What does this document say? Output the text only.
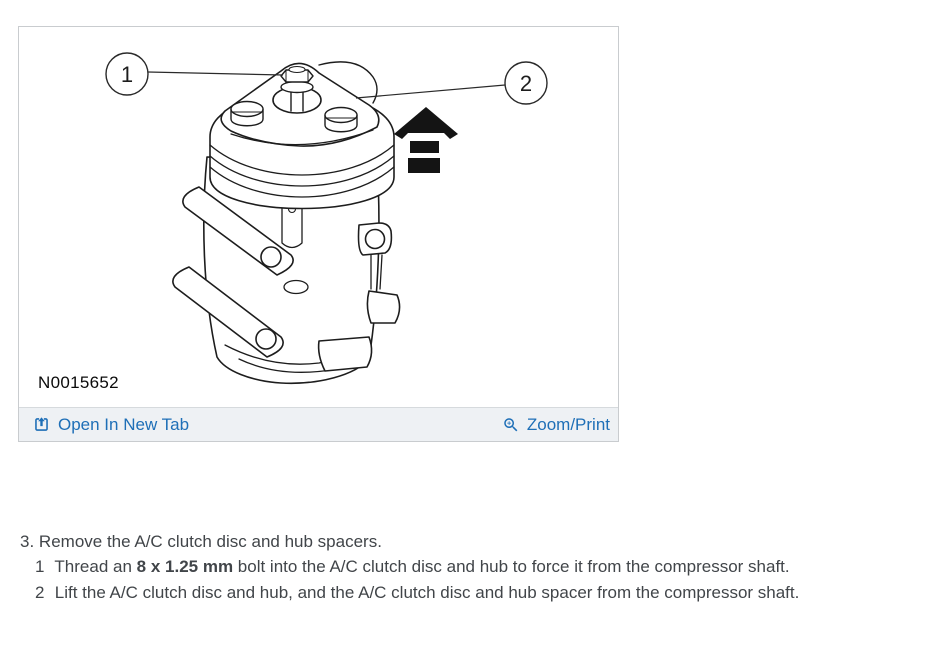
1	2
N0015652
Open In New Tab	Zoom/Print
3. Remove the A/C clutch disc and hub spacers.
1 Thread an 8 x 1.25 mm bolt into the A/C clutch disc and hub to force it from the compressor shaft.
2 Lift the A/C clutch disc and hub, and the A/C clutch disc and hub spacer from the compressor shaft.
